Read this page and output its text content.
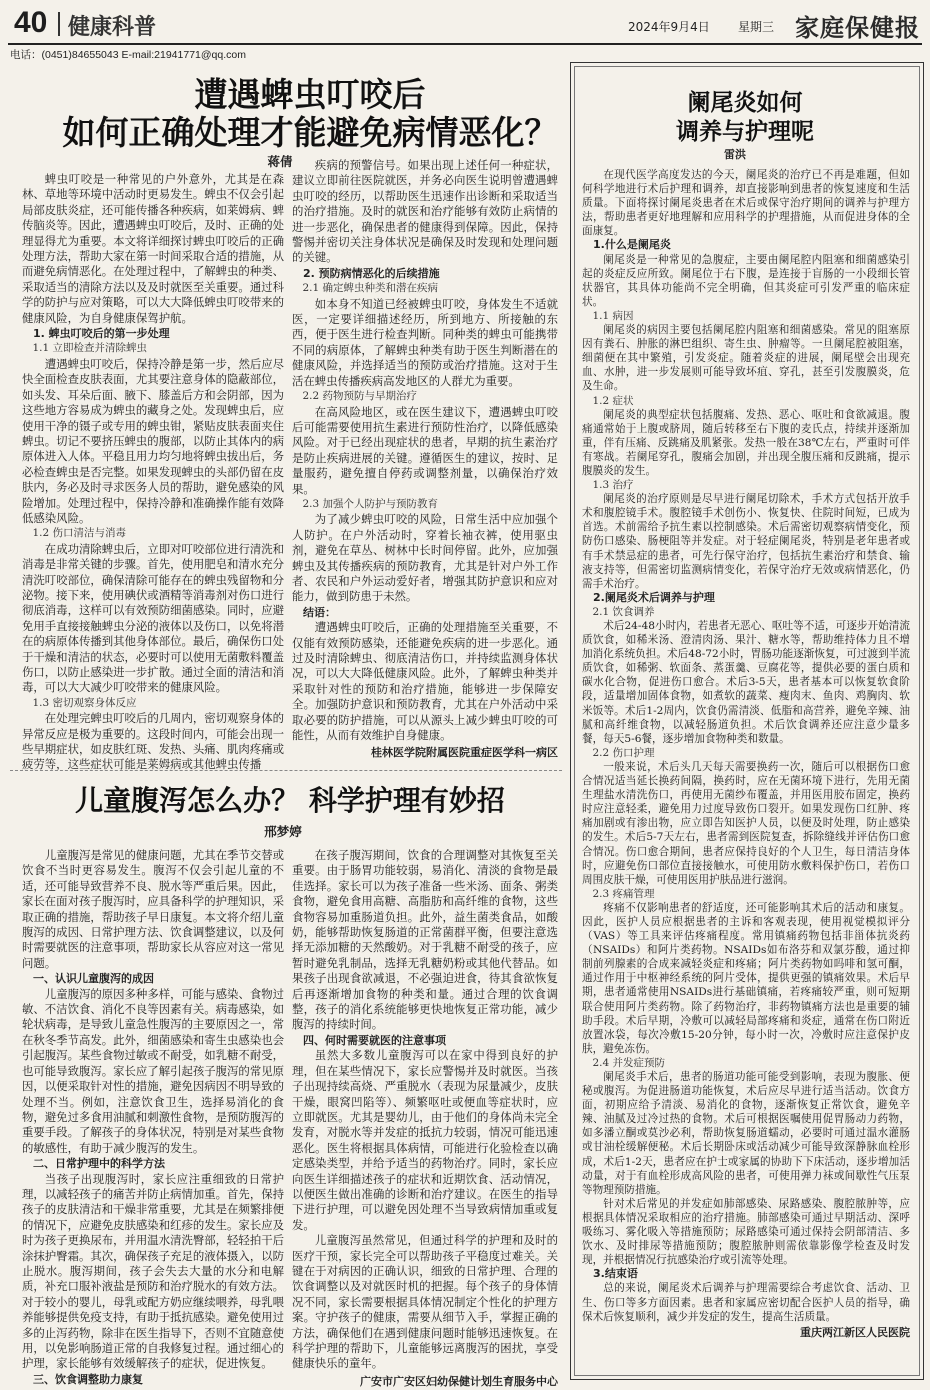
40 健康科普	2024年9月4日 星期三 家庭保健报
电话：(0451)84655043 E-mail:21941771@qq.com
遭遇蜱虫叮咬后
如何正确处理才能避免病情恶化？
蒋倩

蜱虫叮咬是一种常见的户外意外，尤其是在森林、草地等环境中活动时更易发生。蜱虫不仅会引起局部皮肤炎症，还可能传播各种疾病，如莱姆病、蜱传脑炎等。因此，遭遇蜱虫叮咬后，及时、正确的处理显得尤为重要。本文将详细探讨蜱虫叮咬后的正确处理方法，帮助大家在第一时间采取合适的措施，从而避免病情恶化。在处理过程中，了解蜱虫的种类、采取适当的清除方法以及及时就医至关重要。通过科学的防护与应对策略，可以大大降低蜱虫叮咬带来的健康风险，为自身健康保驾护航。

1. 蜱虫叮咬后的第一步处理

1.1 立即检查并清除蜱虫

遭遇蜱虫叮咬后，保持冷静是第一步，然后应尽快全面检查皮肤表面，尤其要注意身体的隐蔽部位，如头发、耳朵后面、腋下、膝盖后方和会阴部，因为这些地方容易成为蜱虫的藏身之处。发现蜱虫后，应使用干净的镊子或专用的蜱虫钳，紧贴皮肤表面夹住蜱虫。切记不要挤压蜱虫的腹部，以防止其体内的病原体进入人体。平稳且用力均匀地将蜱虫拔出后，务必检查蜱虫是否完整。如果发现蜱虫的头部仍留在皮肤内，务必及时寻求医务人员的帮助，避免感染的风险增加。处理过程中，保持冷静和准确操作能有效降低感染风险。

1.2 伤口清洁与消毒

在成功清除蜱虫后，立即对叮咬部位进行清洗和消毒是非常关键的步骤。首先，使用肥皂和清水充分清洗叮咬部位，确保清除可能存在的蜱虫残留物和分泌物。接下来，使用碘伏或酒精等消毒剂对伤口进行彻底消毒，这样可以有效预防细菌感染。同时，应避免用手直接接触蜱虫分泌的液体以及伤口，以免将潜在的病原体传播到其他身体部位。最后，确保伤口处于干燥和清洁的状态，必要时可以使用无菌敷料覆盖伤口，以防止感染进一步扩散。通过全面的清洁和消毒，可以大大减少叮咬带来的健康风险。

1.3 密切观察身体反应

在处理完蜱虫叮咬后的几周内，密切观察身体的异常反应是极为重要的。这段时间内，可能会出现一些早期症状，如皮肤红斑、发热、头痛、肌肉疼痛或疲劳等，这些症状可能是莱姆病或其他蜱虫传播

疾病的预警信号。如果出现上述任何一种症状，建议立即前往医院就医，并务必向医生说明曾遭遇蜱虫叮咬的经历，以帮助医生迅速作出诊断和采取适当的治疗措施。及时的就医和治疗能够有效防止病情的进一步恶化，确保患者的健康得到保障。因此，保持警惕并密切关注身体状况是确保及时发现和处理问题的关键。

2. 预防病情恶化的后续措施

2.1 确定蜱虫种类和潜在疾病

如本身不知道已经被蜱虫叮咬，身体发生不适就医，一定要详细描述经历，所到地方、所接触的东西，便于医生进行检查判断。同种类的蜱虫可能携带不同的病原体，了解蜱虫种类有助于医生判断潜在的健康风险，并选择适当的预防或治疗措施。这对于生活在蜱虫传播疾病高发地区的人群尤为重要。

2.2 药物预防与早期治疗

在高风险地区，或在医生建议下，遭遇蜱虫叮咬后可能需要使用抗生素进行预防性治疗，以降低感染风险。对于已经出现症状的患者，早期的抗生素治疗是防止疾病进展的关键。遵循医生的建议，按时、足量服药，避免擅自停药或调整剂量，以确保治疗效果。

2.3 加强个人防护与预防教育

为了减少蜱虫叮咬的风险，日常生活中应加强个人防护。在户外活动时，穿着长袖衣裤，使用驱虫剂，避免在草丛、树林中长时间停留。此外，应加强蜱虫及其传播疾病的预防教育，尤其是针对户外工作者、农民和户外运动爱好者，增强其防护意识和应对能力，做到防患于未然。

结语：

遭遇蜱虫叮咬后，正确的处理措施至关重要，不仅能有效预防感染，还能避免疾病的进一步恶化。通过及时清除蜱虫、彻底清洁伤口，并持续监测身体状况，可以大大降低健康风险。此外，了解蜱虫种类并采取针对性的预防和治疗措施，能够进一步保障安全。加强防护意识和预防教育，尤其在户外活动中采取必要的防护措施，可以从源头上减少蜱虫叮咬的可能性，从而有效维护自身健康。

桂林医学院附属医院重症医学科一病区

儿童腹泻怎么办？ 科学护理有妙招
邢梦婷

儿童腹泻是常见的健康问题，尤其在季节交替或饮食不当时更容易发生。腹泻不仅会引起儿童的不适，还可能导致营养不良、脱水等严重后果。因此，家长在面对孩子腹泻时，应具备科学的护理知识，采取正确的措施，帮助孩子早日康复。本文将介绍儿童腹泻的成因、日常护理方法、饮食调整建议，以及何时需要就医的注意事项，帮助家长从容应对这一常见问题。

一、认识儿童腹泻的成因

儿童腹泻的原因多种多样，可能与感染、食物过敏、不洁饮食、消化不良等因素有关。病毒感染，如轮状病毒，是导致儿童急性腹泻的主要原因之一，常在秋冬季节高发。此外，细菌感染和寄生虫感染也会引起腹泻。某些食物过敏或不耐受，如乳糖不耐受，也可能导致腹泻。家长应了解引起孩子腹泻的常见原因，以便采取针对性的措施，避免因病因不明导致的处理不当。例如，注意饮食卫生，选择易消化的食物，避免过多食用油腻和刺激性食物，是预防腹泻的重要手段。了解孩子的身体状况，特别是对某些食物的敏感性，有助于减少腹泻的发生。

二、日常护理中的科学方法

当孩子出现腹泻时，家长应注重细致的日常护理，以减轻孩子的痛苦并防止病情加重。首先，保持孩子的皮肤清洁和干燥非常重要，尤其是在频繁排便的情况下，应避免皮肤感染和红疹的发生。家长应及时为孩子更换尿布，并用温水清洗臀部，轻轻拍干后涂抹护臀霜。其次，确保孩子充足的液体摄入，以防止脱水。腹泻期间，孩子会失去大量的水分和电解质，补充口服补液盐是预防和治疗脱水的有效方法。对于较小的婴儿，母乳或配方奶应继续喂养，母乳喂养能够提供免疫支持，有助于抵抗感染。避免使用过多的止泻药物，除非在医生指导下，否则不宜随意使用，以免影响肠道正常的自我修复过程。通过细心的护理，家长能够有效缓解孩子的症状，促进恢复。

三、饮食调整助力康复

在孩子腹泻期间，饮食的合理调整对其恢复至关重要。由于肠胃功能较弱，易消化、清淡的食物是最佳选择。家长可以为孩子准备一些米汤、面条、粥类食物，避免食用高糖、高脂肪和高纤维的食物，这些食物容易加重肠道负担。此外，益生菌类食品，如酸奶，能够帮助恢复肠道的正常菌群平衡，但要注意选择无添加糖的天然酸奶。对于乳糖不耐受的孩子，应暂时避免乳制品，选择无乳糖奶粉或其他代替品。如果孩子出现食欲减退，不必强迫进食，待其食欲恢复后再逐渐增加食物的种类和量。通过合理的饮食调整，孩子的消化系统能够更快地恢复正常功能，减少腹泻的持续时间。

四、何时需要就医的注意事项

虽然大多数儿童腹泻可以在家中得到良好的护理，但在某些情况下，家长应警惕并及时就医。当孩子出现持续高烧、严重脱水（表现为尿量减少，皮肤干燥，眼窝凹陷等）、频繁呕吐或便血等症状时，应立即就医。尤其是婴幼儿，由于他们的身体尚未完全发育，对脱水等并发症的抵抗力较弱，情况可能迅速恶化。医生将根据具体病情，可能进行化验检查以确定感染类型，并给予适当的药物治疗。同时，家长应向医生详细描述孩子的症状和近期饮食、活动情况，以便医生做出准确的诊断和治疗建议。在医生的指导下进行护理，可以避免因处理不当导致病情加重或复发。

儿童腹泻虽然常见，但通过科学的护理和及时的医疗干预，家长完全可以帮助孩子平稳度过难关。关键在于对病因的正确认识，细致的日常护理、合理的饮食调整以及对就医时机的把握。每个孩子的身体情况不同，家长需要根据具体情况制定个性化的护理方案。守护孩子的健康，需要从细节入手，掌握正确的方法，确保他们在遇到健康问题时能够迅速恢复。在科学护理的帮助下，儿童能够远离腹泻的困扰，享受健康快乐的童年。

广安市广安区妇幼保健计划生育服务中心

阑尾炎如何
调养与护理呢
雷洪

在现代医学高度发达的今天，阑尾炎的治疗已不再是难题，但如何科学地进行术后护理和调养，却直接影响到患者的恢复速度和生活质量。下面将探讨阑尾炎患者在术后或保守治疗期间的调养与护理方法，帮助患者更好地理解和应用科学的护理措施，从而促进身体的全面康复。

1.什么是阑尾炎

阑尾炎是一种常见的急腹症，主要由阑尾腔内阻塞和细菌感染引起的炎症反应所致。阑尾位于右下腹，是连接于盲肠的一小段细长管状器官，其具体功能尚不完全明确，但其炎症可引发严重的临床症状。

1.1 病因

阑尾炎的病因主要包括阑尾腔内阻塞和细菌感染。常见的阻塞原因有粪石、肿胀的淋巴组织、寄生虫、肿瘤等。一旦阑尾腔被阻塞，细菌便在其中繁殖，引发炎症。随着炎症的进展，阑尾壁会出现充血、水肿，进一步发展则可能导致坏疽、穿孔，甚至引发腹膜炎，危及生命。

1.2 症状

阑尾炎的典型症状包括腹痛、发热、恶心、呕吐和食欲减退。腹痛通常始于上腹或脐周，随后转移至右下腹的麦氏点，持续并逐渐加重，伴有压痛、反跳痛及肌紧张。发热一般在38℃左右，严重时可伴有寒战。若阑尾穿孔，腹痛会加剧，并出现全腹压痛和反跳痛，提示腹膜炎的发生。

1.3 治疗

阑尾炎的治疗原则是尽早进行阑尾切除术，手术方式包括开放手术和腹腔镜手术。腹腔镜手术创伤小、恢复快、住院时间短，已成为首选。术前需给予抗生素以控制感染。术后需密切观察病情变化，预防伤口感染、肠梗阻等并发症。对于轻症阑尾炎，特别是老年患者或有手术禁忌症的患者，可先行保守治疗，包括抗生素治疗和禁食、输液支持等，但需密切监测病情变化，若保守治疗无效或病情恶化，仍需手术治疗。

2.阑尾炎术后调养与护理

2.1 饮食调养

术后24-48小时内，若患者无恶心、呕吐等不适，可逐步开始清流质饮食，如稀米汤、澄清肉汤、果汁、糖水等，帮助维持体力且不增加消化系统负担。术后48-72小时，胃肠功能逐渐恢复，可过渡到半流质饮食，如稀粥、软面条、蒸蛋羹、豆腐花等，提供必要的蛋白质和碳水化合物，促进伤口愈合。术后3-5天，患者基本可以恢复软食阶段，适量增加固体食物，如煮软的蔬菜、瘦肉末、鱼肉、鸡胸肉、软米饭等。术后1-2周内，饮食仍需清淡、低脂和高营养，避免辛辣、油腻和高纤维食物，以减轻肠道负担。术后饮食调养还应注意少量多餐，每天5-6餐，逐步增加食物种类和数量。

2.2 伤口护理

一般来说，术后头几天每天需要换药一次，随后可以根据伤口愈合情况适当延长换药间隔，换药时，应在无菌环境下进行，先用无菌生理盐水清洗伤口，再使用无菌纱布覆盖，并用医用胶布固定，换药时应注意轻柔，避免用力过度导致伤口裂开。如果发现伤口红肿、疼痛加剧或有渗出物，应立即告知医护人员，以便及时处理，防止感染的发生。术后5-7天左右，患者需到医院复查，拆除缝线并评估伤口愈合情况。伤口愈合期间，患者应保持良好的个人卫生，每日清洁身体时，应避免伤口部位直接接触水，可使用防水敷料保护伤口，若伤口周围皮肤干燥，可使用医用护肤品进行滋润。

2.3 疼痛管理

疼痛不仅影响患者的舒适度，还可能影响其术后的活动和康复。因此，医护人员应根据患者的主诉和客观表现，使用视觉模拟评分（VAS）等工具来评估疼痛程度。常用镇痛药物包括非甾体抗炎药（NSAIDs）和阿片类药物。NSAIDs如布洛芬和双氯芬酸，通过抑制前列腺素的合成来减轻炎症和疼痛；阿片类药物如吗啡和氢可酮，通过作用于中枢神经系统的阿片受体，提供更强的镇痛效果。术后早期，患者通常使用NSAIDs进行基础镇痛，若疼痛较严重，则可短期联合使用阿片类药物。除了药物治疗，非药物镇痛方法也是重要的辅助手段。术后早期，冷敷可以减轻局部疼痛和炎症，通常在伤口附近放置冰袋，每次冷敷15-20分钟，每小时一次，冷敷时应注意保护皮肤，避免冻伤。

2.4 并发症预防

阑尾炎手术后，患者的肠道功能可能受到影响，表现为腹胀、便秘或腹泻。为促进肠道功能恢复，术后应尽早进行适当活动。饮食方面，初期应给予清淡、易消化的食物，逐渐恢复正常饮食，避免辛辣、油腻及过冷过热的食物。术后可根据医嘱使用促胃肠动力药物，如多潘立酮或莫沙必利，帮助恢复肠道蠕动，必要时可通过温水灌肠或甘油栓缓解便秘。术后长期卧床或活动减少可能导致深静脉血栓形成，术后1-2天，患者应在护士或家属的协助下下床活动，逐步增加活动量，对于有血栓形成高风险的患者，可使用弹力袜或间歇性气压泵等物理预防措施。

针对术后常见的并发症如肺部感染、尿路感染、腹腔脓肿等，应根据具体情况采取相应的治疗措施。肺部感染可通过早期活动、深呼吸练习、雾化吸入等措施预防；尿路感染可通过保持会阴部清洁、多饮水、及时排尿等措施预防；腹腔脓肿则需依靠影像学检查及时发现，并根据情况行抗感染治疗或引流等处理。

3.结束语

总的来说，阑尾炎术后调养与护理需要综合考虑饮食、活动、卫生、伤口等多方面因素。患者和家属应密切配合医护人员的指导，确保术后恢复顺利，减少并发症的发生，提高生活质量。

重庆两江新区人民医院
